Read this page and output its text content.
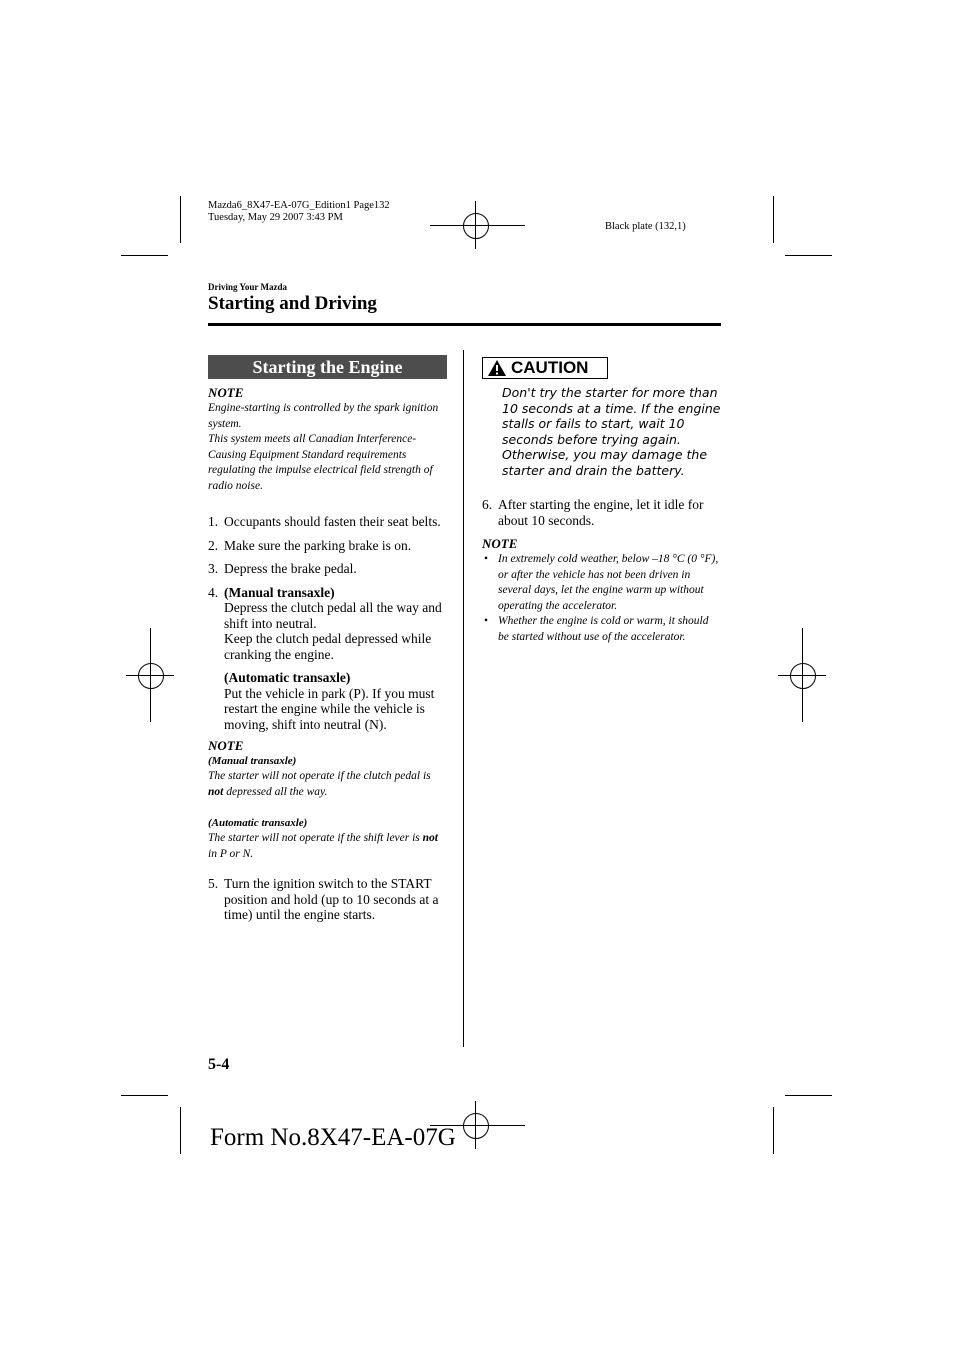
Mazda6_8X47-EA-07G_Edition1 Page132
Tuesday, May 29 2007 3:43 PM
Black plate (132,1)
Driving Your Mazda
Starting and Driving
Starting the Engine
NOTE
Engine-starting is controlled by the spark ignition system.
This system meets all Canadian Interference-Causing Equipment Standard requirements regulating the impulse electrical field strength of radio noise.
1. Occupants should fasten their seat belts.
2. Make sure the parking brake is on.
3. Depress the brake pedal.
4. (Manual transaxle)
Depress the clutch pedal all the way and shift into neutral.
Keep the clutch pedal depressed while cranking the engine.
(Automatic transaxle)
Put the vehicle in park (P). If you must restart the engine while the vehicle is moving, shift into neutral (N).
NOTE
(Manual transaxle)
The starter will not operate if the clutch pedal is not depressed all the way.
(Automatic transaxle)
The starter will not operate if the shift lever is not in P or N.
5. Turn the ignition switch to the START position and hold (up to 10 seconds at a time) until the engine starts.
CAUTION
Don't try the starter for more than 10 seconds at a time. If the engine stalls or fails to start, wait 10 seconds before trying again. Otherwise, you may damage the starter and drain the battery.
6. After starting the engine, let it idle for about 10 seconds.
NOTE
• In extremely cold weather, below –18 °C (0 °F), or after the vehicle has not been driven in several days, let the engine warm up without operating the accelerator.
• Whether the engine is cold or warm, it should be started without use of the accelerator.
5-4
Form No.8X47-EA-07G
